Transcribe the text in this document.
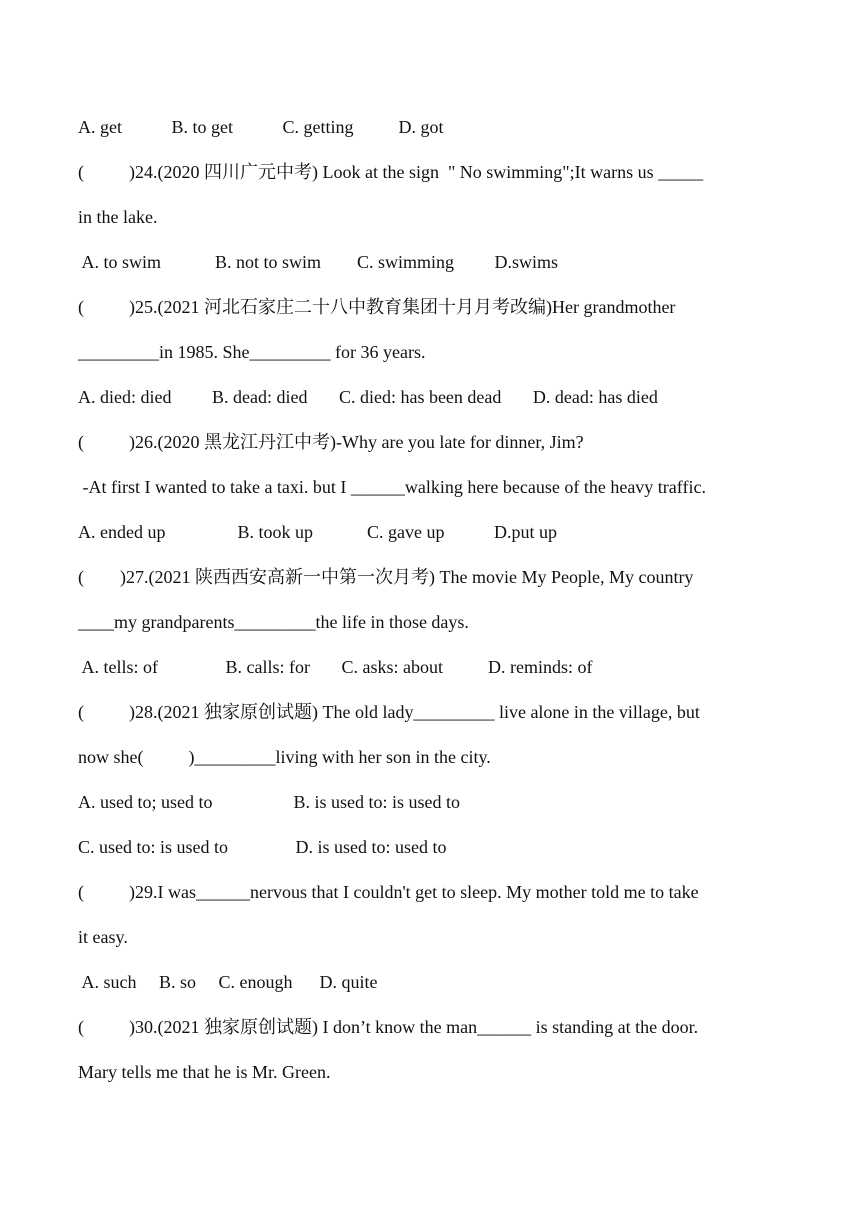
A. get           B. to get           C. getting          D. got
(          )24.(2020 四川广元中考) Look at the sign  " No swimming";It warns us _____
in the lake.
A. to swim            B. not to swim        C. swimming         D.swims
(          )25.(2021 河北石家庄二十八中教育集团十月月考改编)Her grandmother
_________in 1985. She_________ for 36 years.
A. died: died         B. dead: died       C. died: has been dead       D. dead: has died
(          )26.(2020 黑龙江丹江中考)-Why are you late for dinner, Jim?
-At first I wanted to take a taxi. but I ______walking here because of the heavy traffic.
A. ended up                B. took up            C. gave up           D.put up
(        )27.(2021 陕西西安高新一中第一次月考) The movie My People, My country
____my grandparents_________the life in those days.
A. tells: of               B. calls: for       C. asks: about          D. reminds: of
(          )28.(2021 独家原创试题) The old lady_________ live alone in the village, but
now she(          )_________living with her son in the city.
A. used to; used to                  B. is used to: is used to
C. used to: is used to               D. is used to: used to
(          )29.I was______nervous that I couldn't get to sleep. My mother told me to take
it easy.
A. such     B. so     C. enough      D. quite
(          )30.(2021 独家原创试题) I don’t know the man______ is standing at the door.
Mary tells me that he is Mr. Green.
